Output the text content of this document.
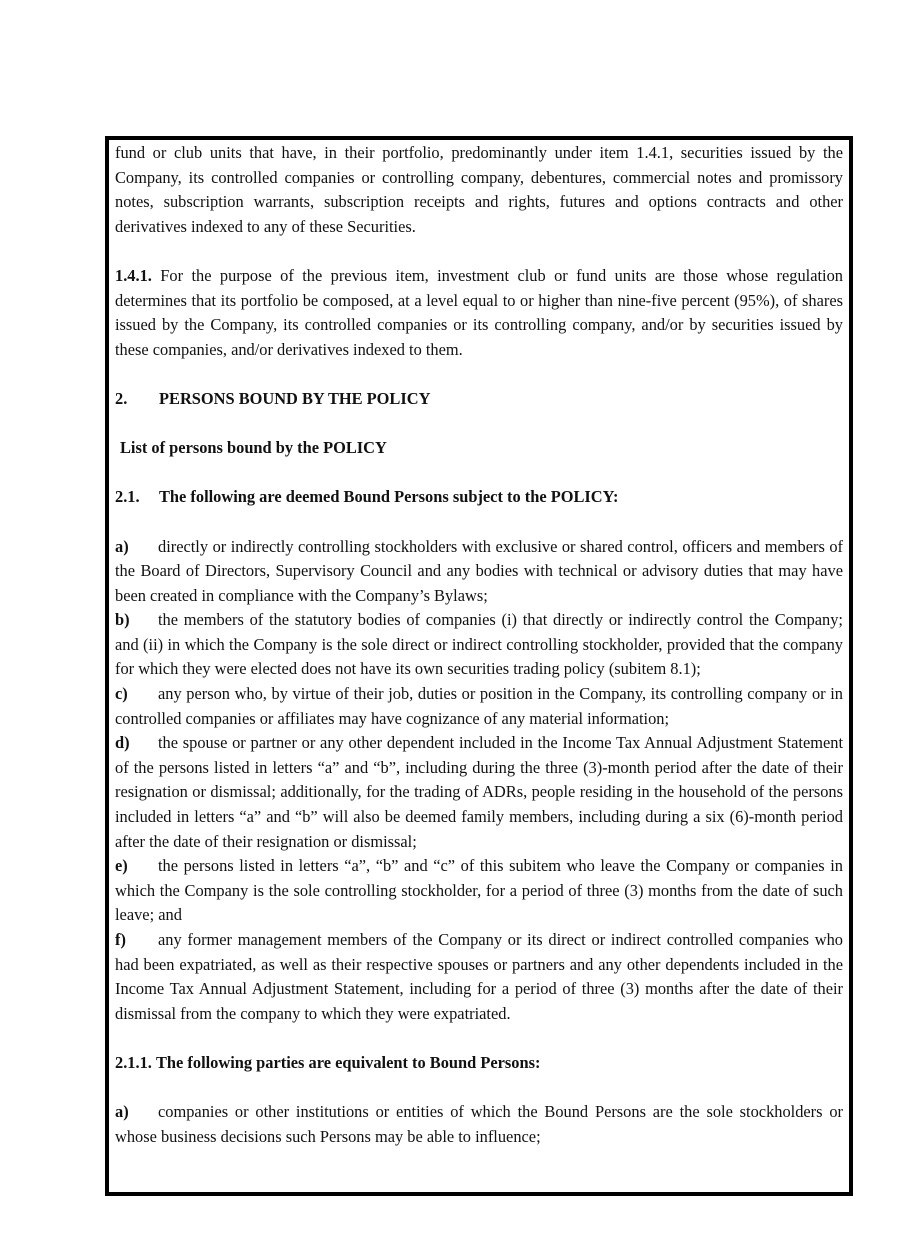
fund or club units that have, in their portfolio, predominantly under item 1.4.1, securities issued by the Company, its controlled companies or controlling company, debentures, commercial notes and promissory notes, subscription warrants, subscription receipts and rights, futures and options contracts and other derivatives indexed to any of these Securities.

1.4.1. For the purpose of the previous item, investment club or fund units are those whose regulation determines that its portfolio be composed, at a level equal to or higher than nine-five percent (95%), of shares issued by the Company, its controlled companies or its controlling company, and/or by securities issued by these companies, and/or derivatives indexed to them.

2. PERSONS BOUND BY THE POLICY

List of persons bound by the POLICY

2.1. The following are deemed Bound Persons subject to the POLICY:

a) directly or indirectly controlling stockholders with exclusive or shared control, officers and members of the Board of Directors, Supervisory Council and any bodies with technical or advisory duties that may have been created in compliance with the Company’s Bylaws;

b) the members of the statutory bodies of companies (i) that directly or indirectly control the Company; and (ii) in which the Company is the sole direct or indirect controlling stockholder, provided that the company for which they were elected does not have its own securities trading policy (subitem 8.1);

c) any person who, by virtue of their job, duties or position in the Company, its controlling company or in controlled companies or affiliates may have cognizance of any material information;

d) the spouse or partner or any other dependent included in the Income Tax Annual Adjustment Statement of the persons listed in letters “a” and “b”, including during the three (3)-month period after the date of their resignation or dismissal; additionally, for the trading of ADRs, people residing in the household of the persons included in letters “a” and “b” will also be deemed family members, including during a six (6)-month period after the date of their resignation or dismissal;

e) the persons listed in letters “a”, “b” and “c” of this subitem who leave the Company or companies in which the Company is the sole controlling stockholder, for a period of three (3) months from the date of such leave; and

f) any former management members of the Company or its direct or indirect controlled companies who had been expatriated, as well as their respective spouses or partners and any other dependents included in the Income Tax Annual Adjustment Statement, including for a period of three (3) months after the date of their dismissal from the company to which they were expatriated.

2.1.1. The following parties are equivalent to Bound Persons:

a) companies or other institutions or entities of which the Bound Persons are the sole stockholders or whose business decisions such Persons may be able to influence;
